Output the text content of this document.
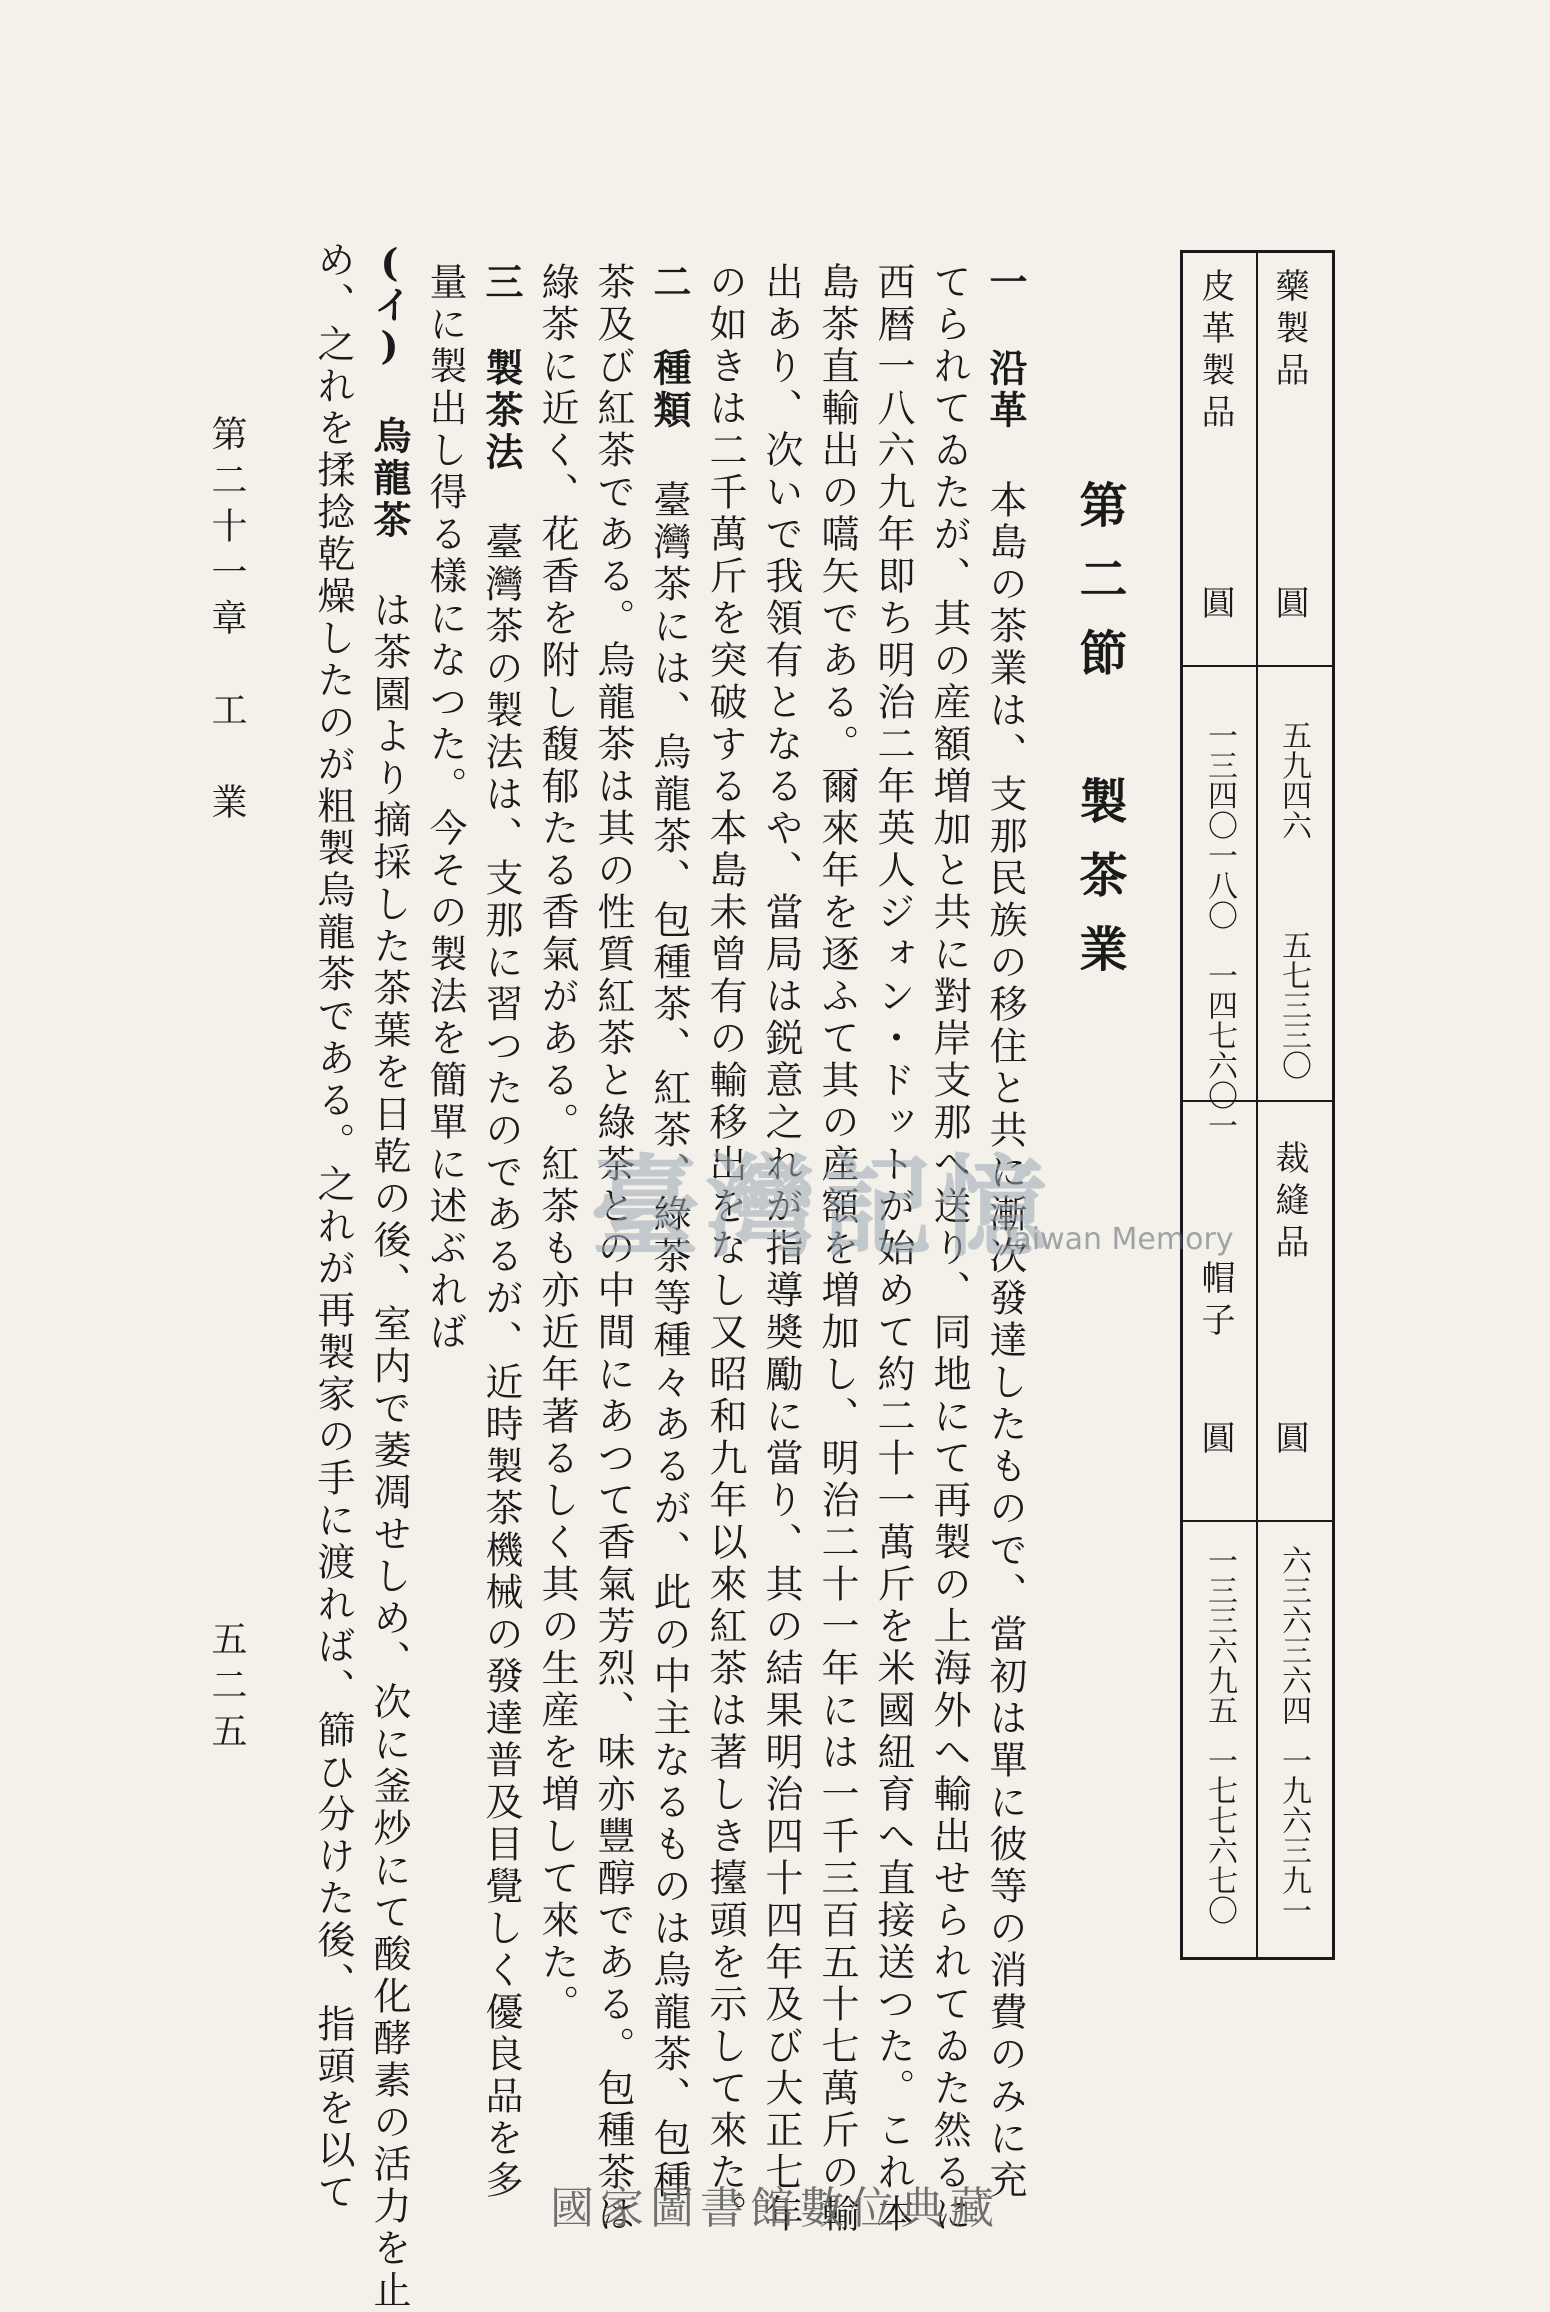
藥製品
圓
五九四六
五七三三〇
裁縫品
圓
六三六三六四
一九六三九一
皮革製品
圓
一三四〇一八〇
一四七六〇一
帽子
圓
一三三六九五
一七七六七〇
第二節　製茶業
一 沿革 本島の茶業は、支那民族の移住と共に漸次發達したもので、當初は單に彼等の消費のみに充
てられてゐたが、其の産額増加と共に對岸支那へ送り、同地にて再製の上海外へ輸出せられてゐた然るに
西暦一八六九年即ち明治二年英人ジォン・ドットが始めて約二十一萬斤を米國紐育へ直接送つた。これ本
島茶直輸出の嚆矢である。爾來年を逐ふて其の産額を増加し、明治二十一年には一千三百五十七萬斤の輸
出あり、次いで我領有となるや、當局は鋭意之れが指導奬勵に當り、其の結果明治四十四年及び大正七年
の如きは二千萬斤を突破する本島未曾有の輸移出をなし又昭和九年以來紅茶は著しき擡頭を示して來た。
二 種類 臺灣茶には、烏龍茶、包種茶、紅茶、綠茶等種々あるが、此の中主なるものは烏龍茶、包種
茶及び紅茶である。烏龍茶は其の性質紅茶と綠茶との中間にあつて香氣芳烈、味亦豐醇である。包種茶は
綠茶に近く、花香を附し馥郁たる香氣がある。紅茶も亦近年著るしく其の生産を増して來た。
三 製茶法 臺灣茶の製法は、支那に習つたのであるが、近時製茶機械の發達普及目覺しく優良品を多
量に製出し得る樣になつた。今その製法を簡單に述ぶれば
(イ) 烏龍茶 は茶園より摘採した茶葉を日乾の後、室内で萎凋せしめ、次に釜炒にて酸化酵素の活力を止
め、之れを揉捻乾燥したのが粗製烏龍茶である。之れが再製家の手に渡れば、篩ひ分けた後、指頭を以て
第二十一章　工　業
五二五
臺灣記憶
Taiwan Memory
國家圖書館數位典藏
